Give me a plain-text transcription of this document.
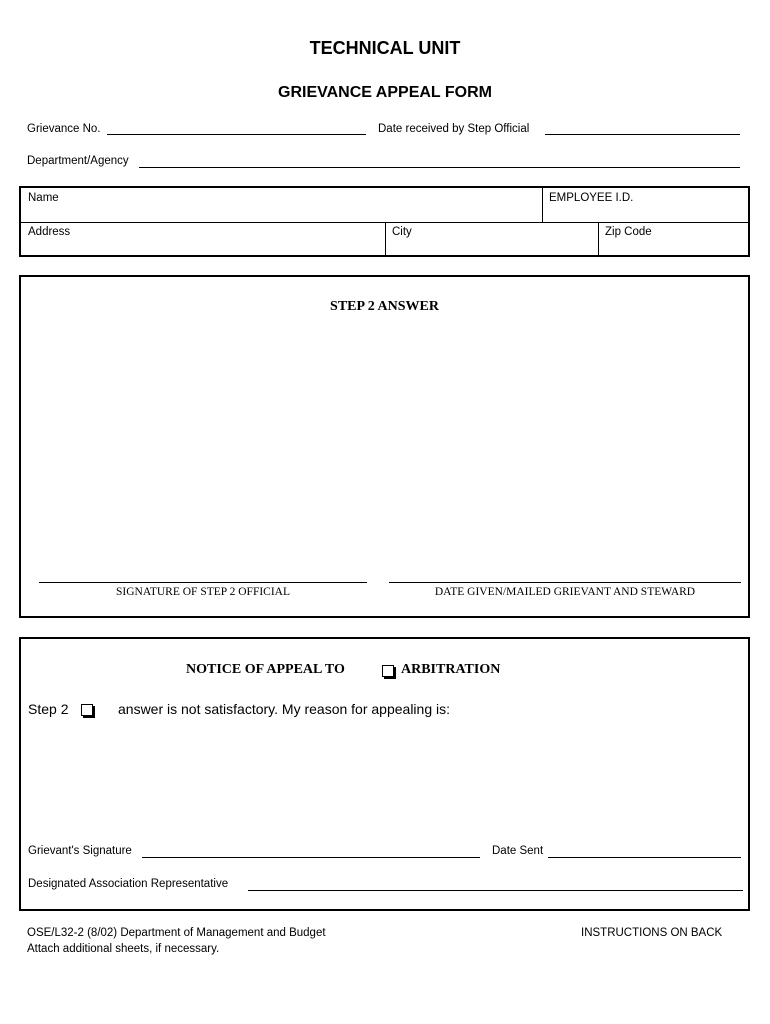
TECHNICAL UNIT
GRIEVANCE APPEAL FORM
Grievance No.	Date received by Step Official
Department/Agency
Name	EMPLOYEE I.D.
Address	City	Zip Code
STEP 2 ANSWER
SIGNATURE OF STEP 2 OFFICIAL	DATE GIVEN/MAILED GRIEVANT AND STEWARD
NOTICE OF APPEAL TO	ARBITRATION
Step 2	answer is not satisfactory. My reason for appealing is:
Grievant's Signature	Date Sent
Designated Association Representative
OSE/L32-2 (8/02) Department of Management and Budget
Attach additional sheets, if necessary.
INSTRUCTIONS ON BACK
